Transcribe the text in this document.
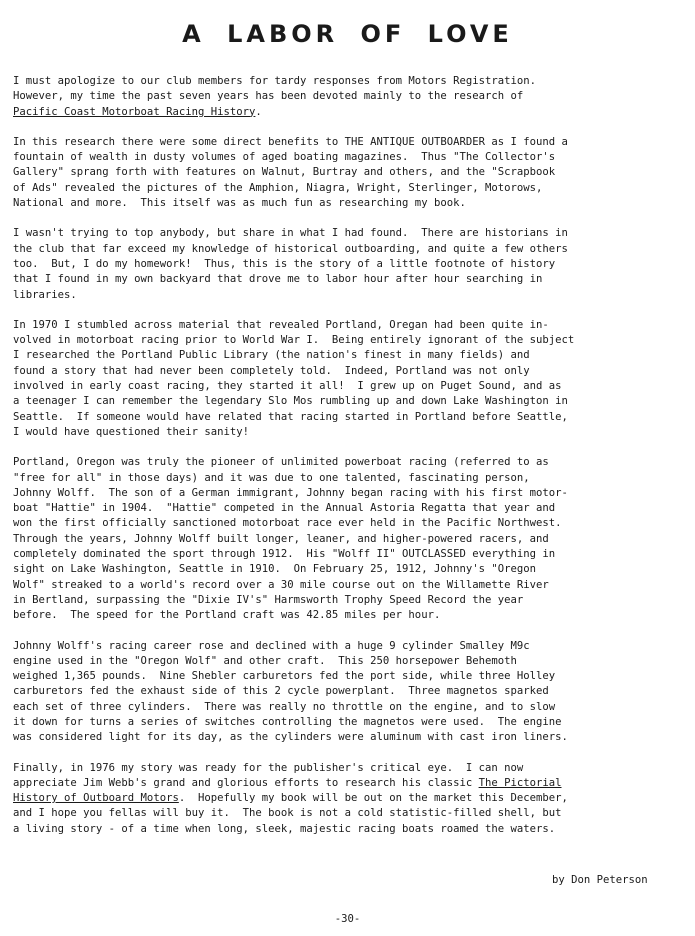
A LABOR OF LOVE
I must apologize to our club members for tardy responses from Motors Registration.
However, my time the past seven years has been devoted mainly to the research of
Pacific Coast Motorboat Racing History.
In this research there were some direct benefits to THE ANTIQUE OUTBOARDER as I found a
fountain of wealth in dusty volumes of aged boating magazines.  Thus "The Collector's
Gallery" sprang forth with features on Walnut, Burtray and others, and the "Scrapbook
of Ads" revealed the pictures of the Amphion, Niagra, Wright, Sterlinger, Motorows,
National and more.  This itself was as much fun as researching my book.
I wasn't trying to top anybody, but share in what I had found.  There are historians in
the club that far exceed my knowledge of historical outboarding, and quite a few others
too.  But, I do my homework!  Thus, this is the story of a little footnote of history
that I found in my own backyard that drove me to labor hour after hour searching in
libraries.
In 1970 I stumbled across material that revealed Portland, Oregan had been quite in-
volved in motorboat racing prior to World War I.  Being entirely ignorant of the subject
I researched the Portland Public Library (the nation's finest in many fields) and
found a story that had never been completely told.  Indeed, Portland was not only
involved in early coast racing, they started it all!  I grew up on Puget Sound, and as
a teenager I can remember the legendary Slo Mos rumbling up and down Lake Washington in
Seattle.  If someone would have related that racing started in Portland before Seattle,
I would have questioned their sanity!
Portland, Oregon was truly the pioneer of unlimited powerboat racing (referred to as
"free for all" in those days) and it was due to one talented, fascinating person,
Johnny Wolff.  The son of a German immigrant, Johnny began racing with his first motor-
boat "Hattie" in 1904.  "Hattie" competed in the Annual Astoria Regatta that year and
won the first officially sanctioned motorboat race ever held in the Pacific Northwest.
Through the years, Johnny Wolff built longer, leaner, and higher-powered racers, and
completely dominated the sport through 1912.  His "Wolff II" OUTCLASSED everything in
sight on Lake Washington, Seattle in 1910.  On February 25, 1912, Johnny's "Oregon
Wolf" streaked to a world's record over a 30 mile course out on the Willamette River
in Bertland, surpassing the "Dixie IV's" Harmsworth Trophy Speed Record the year
before.  The speed for the Portland craft was 42.85 miles per hour.
Johnny Wolff's racing career rose and declined with a huge 9 cylinder Smalley M9c
engine used in the "Oregon Wolf" and other craft.  This 250 horsepower Behemoth
weighed 1,365 pounds.  Nine Shebler carburetors fed the port side, while three Holley
carburetors fed the exhaust side of this 2 cycle powerplant.  Three magnetos sparked
each set of three cylinders.  There was really no throttle on the engine, and to slow
it down for turns a series of switches controlling the magnetos were used.  The engine
was considered light for its day, as the cylinders were aluminum with cast iron liners.
Finally, in 1976 my story was ready for the publisher's critical eye.  I can now
appreciate Jim Webb's grand and glorious efforts to research his classic The Pictorial
History of Outboard Motors.  Hopefully my book will be out on the market this December,
and I hope you fellas will buy it.  The book is not a cold statistic-filled shell, but
a living story - of a time when long, sleek, majestic racing boats roamed the waters.
by Don Peterson
-30-
